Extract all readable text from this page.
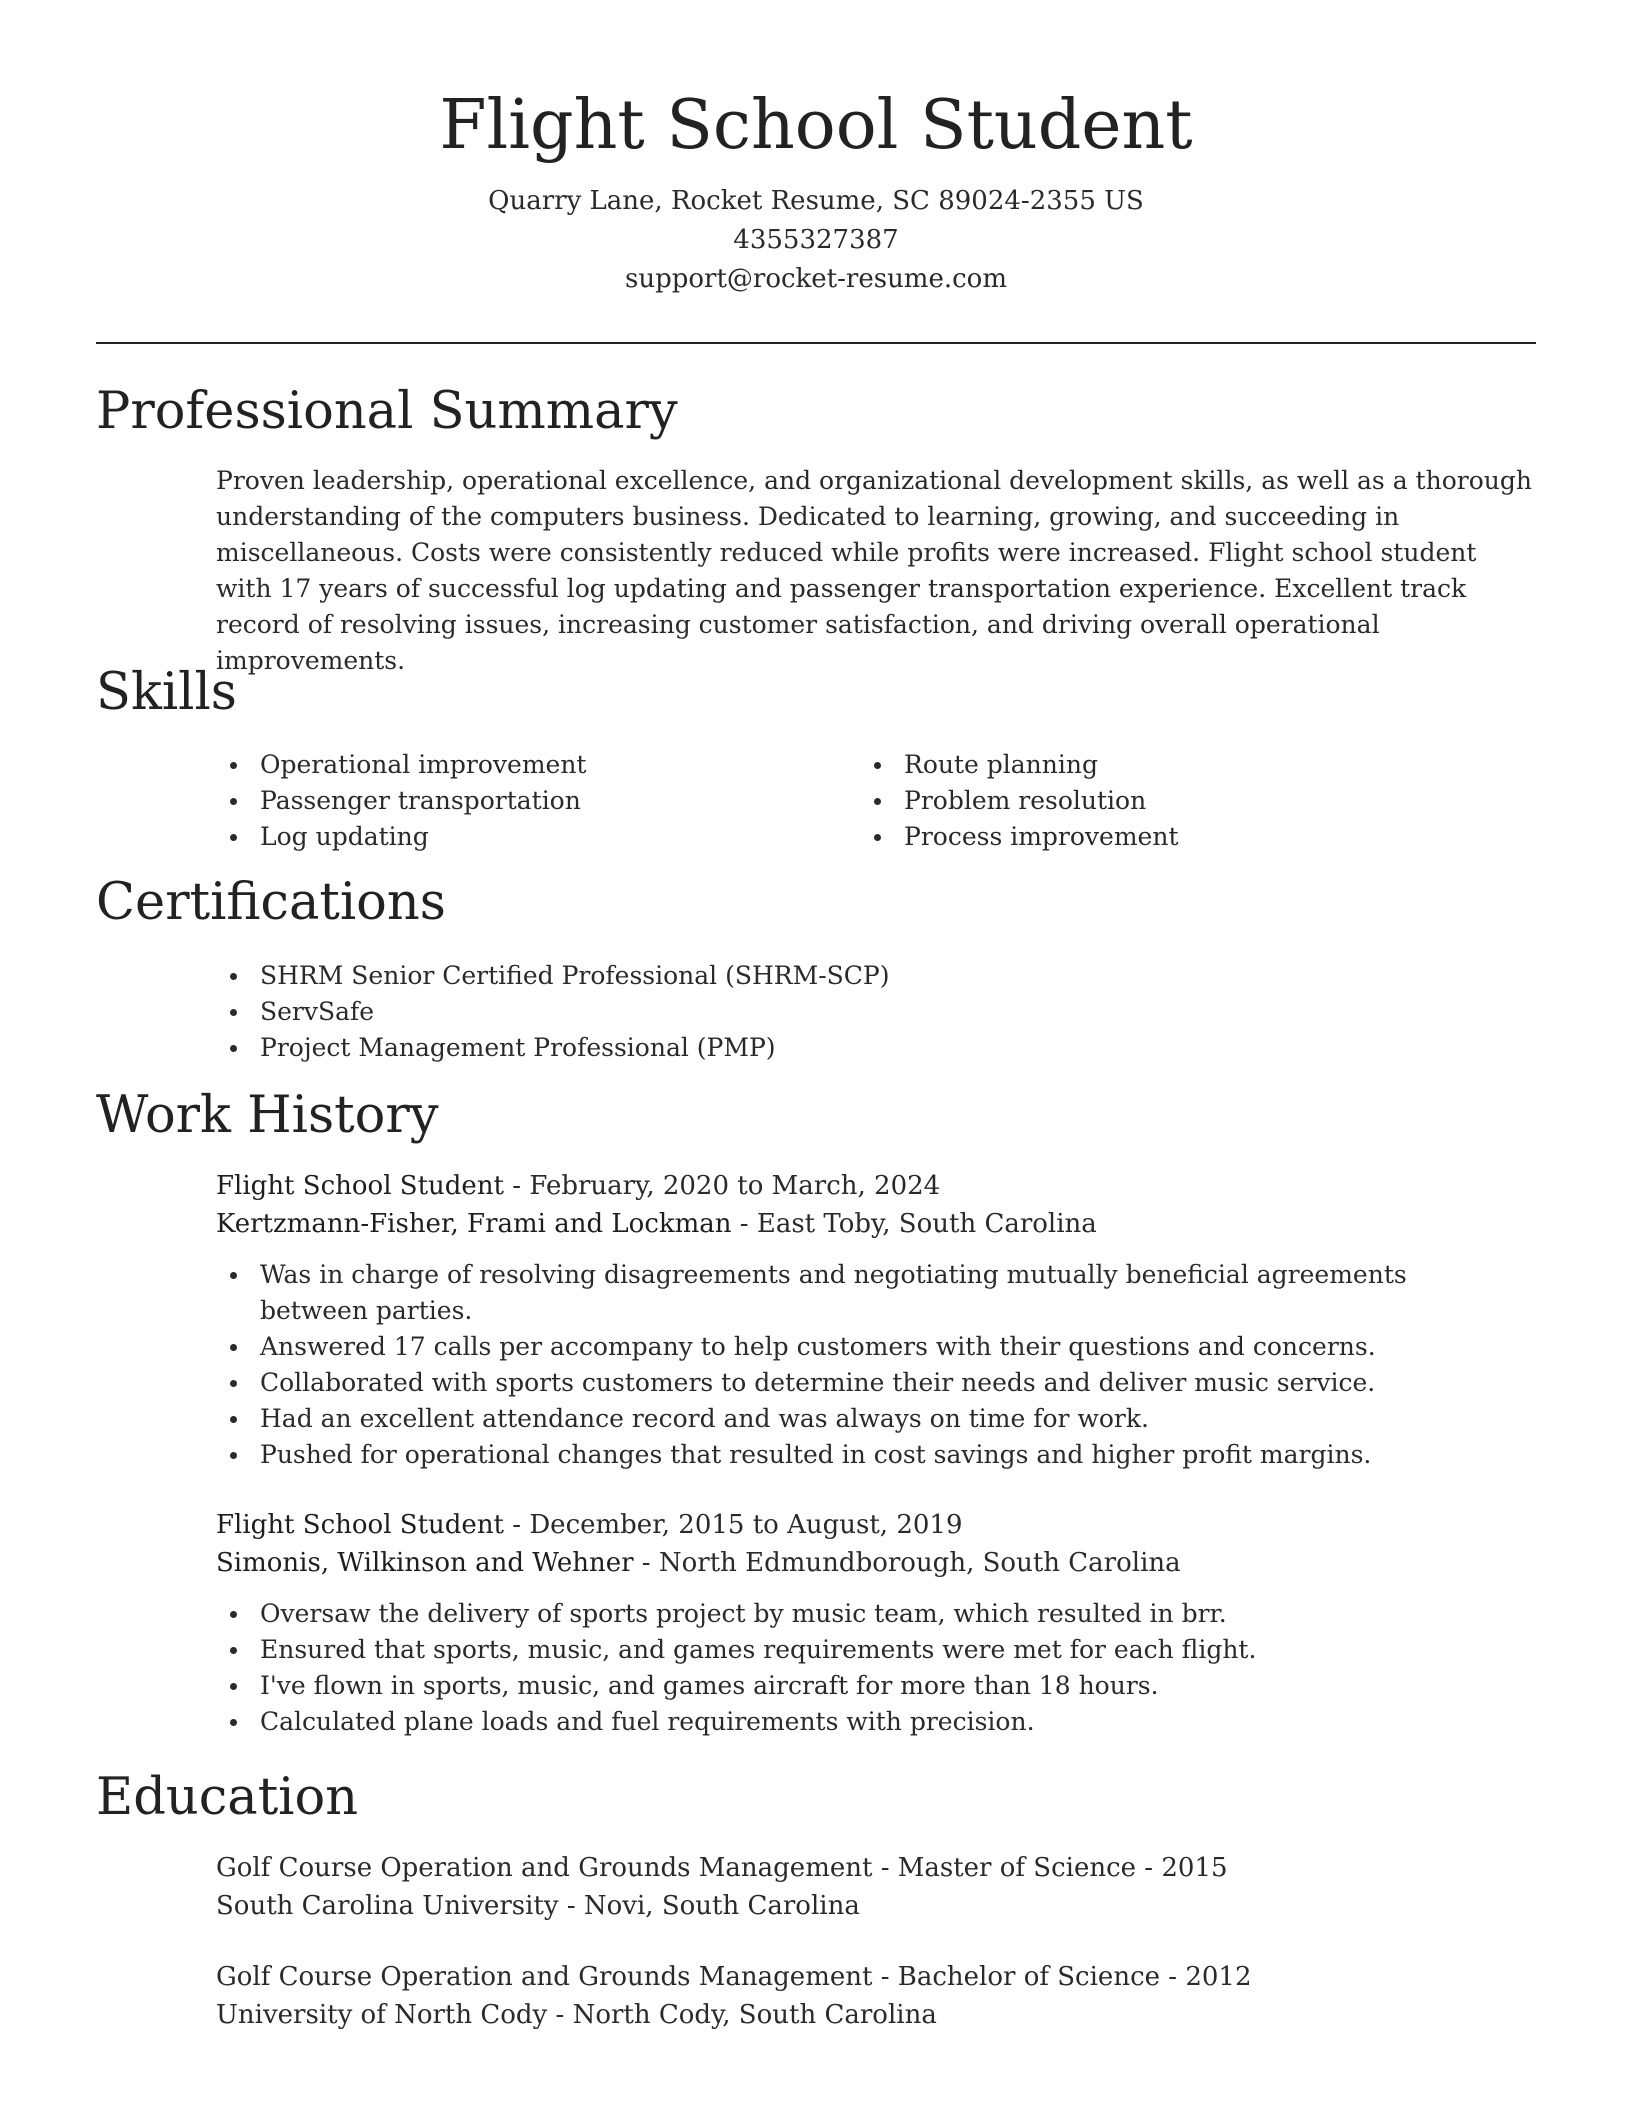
Flight School Student
Quarry Lane, Rocket Resume, SC 89024-2355 US
4355327387
support@rocket-resume.com
Professional Summary

Proven leadership, operational excellence, and organizational development skills, as well as a thorough understanding of the computers business. Dedicated to learning, growing, and succeeding in miscellaneous. Costs were consistently reduced while profits were increased. Flight school student with 17 years of successful log updating and passenger transportation experience. Excellent track record of resolving issues, increasing customer satisfaction, and driving overall operational improvements.

Skills
Operational improvement
Passenger transportation
Log updating
Route planning
Problem resolution
Process improvement
Certifications
SHRM Senior Certified Professional (SHRM-SCP)
ServSafe
Project Management Professional (PMP)
Work History
Flight School Student - February, 2020 to March, 2024
Kertzmann-Fisher, Frami and Lockman - East Toby, South Carolina
Was in charge of resolving disagreements and negotiating mutually beneficial agreements between parties.
Answered 17 calls per accompany to help customers with their questions and concerns.
Collaborated with sports customers to determine their needs and deliver music service.
Had an excellent attendance record and was always on time for work.
Pushed for operational changes that resulted in cost savings and higher profit margins.
Flight School Student - December, 2015 to August, 2019
Simonis, Wilkinson and Wehner - North Edmundborough, South Carolina
Oversaw the delivery of sports project by music team, which resulted in brr.
Ensured that sports, music, and games requirements were met for each flight.
I've flown in sports, music, and games aircraft for more than 18 hours.
Calculated plane loads and fuel requirements with precision.
Education
Golf Course Operation and Grounds Management - Master of Science - 2015
South Carolina University - Novi, South Carolina
Golf Course Operation and Grounds Management - Bachelor of Science - 2012
University of North Cody - North Cody, South Carolina
